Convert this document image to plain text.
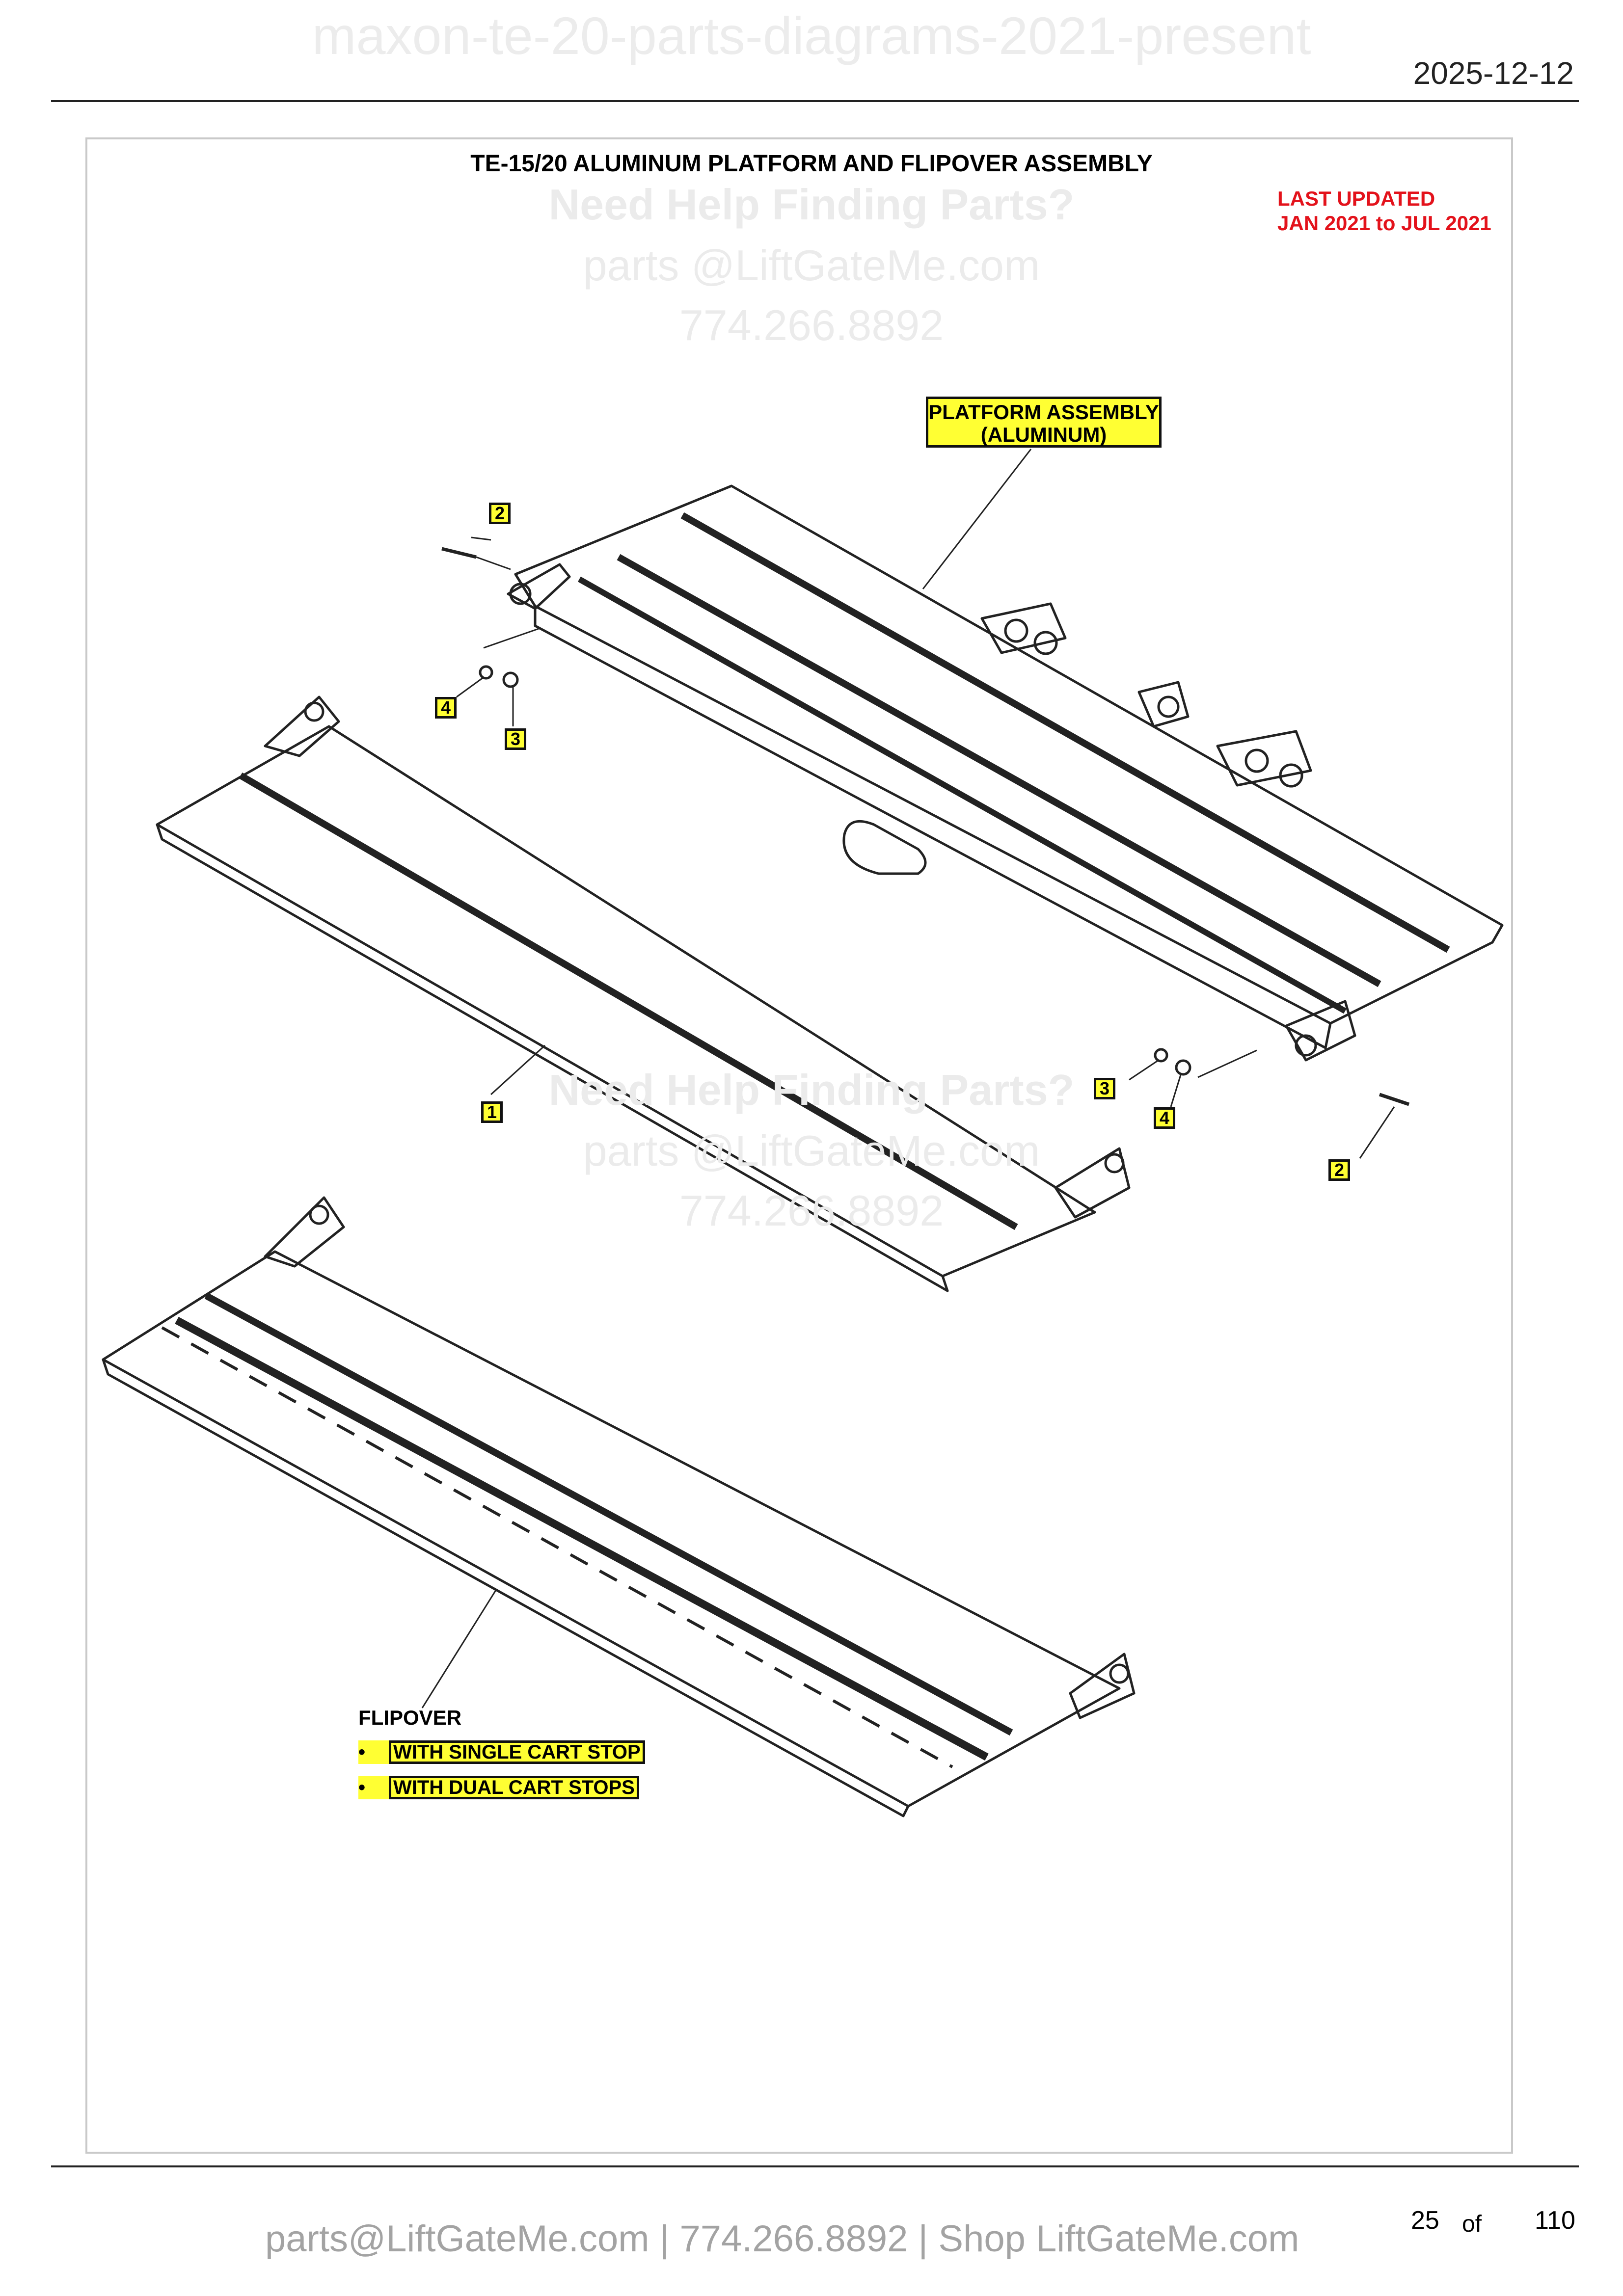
maxon-te-20-parts-diagrams-2021-present
2025-12-12
TE-15/20 ALUMINUM PLATFORM AND FLIPOVER ASSEMBLY
LAST UPDATED
JAN 2021 to JUL 2021
Need Help Finding Parts?
parts @LiftGateMe.com
774.266.8892
Need Help Finding Parts?
parts @LiftGateMe.com
774.266.8892
PLATFORM ASSEMBLY
(ALUMINUM)
2
4
3
1
3
4
2
FLIPOVER
• WITH SINGLE CART STOP
• WITH DUAL CART STOPS
parts@LiftGateMe.com | 774.266.8892 | Shop LiftGateMe.com	25 of 110
